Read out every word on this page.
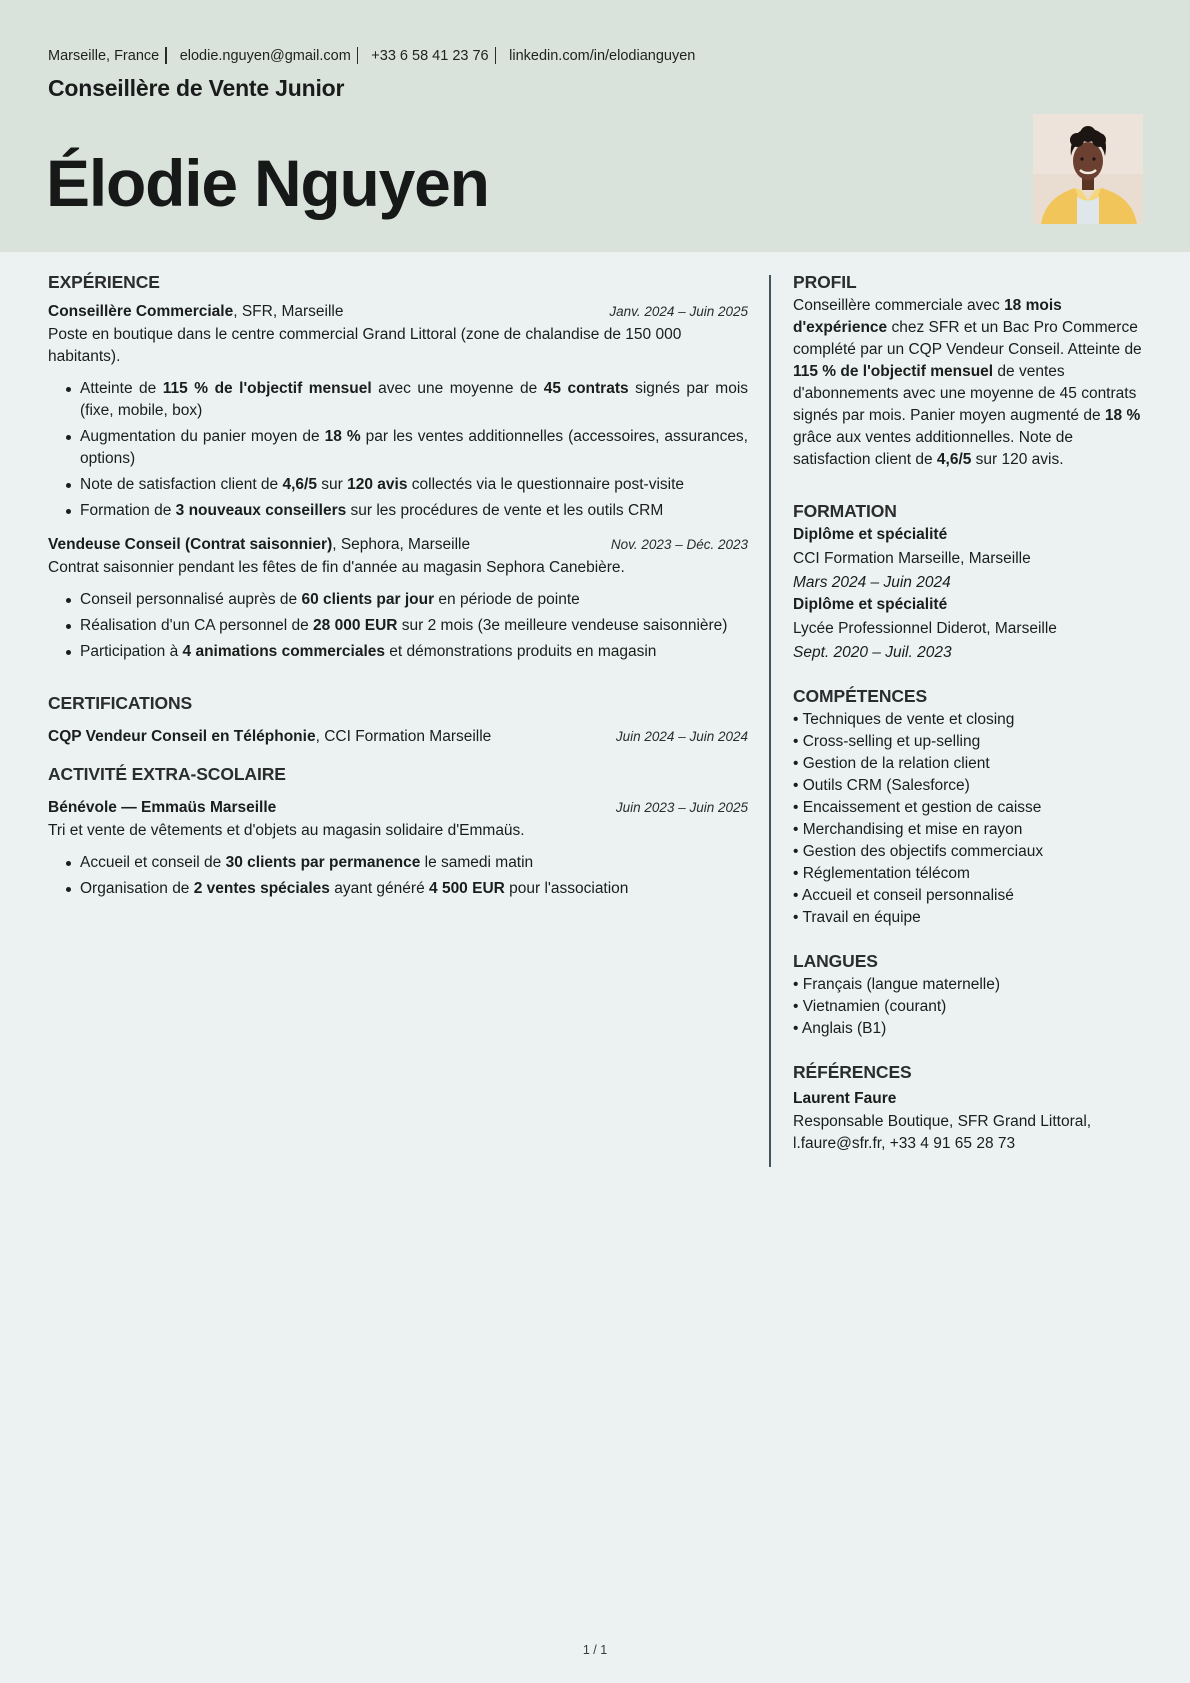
Marseille, France elodie.nguyen@gmail.com +33 6 58 41 23 76 linkedin.com/in/elodianguyen
Conseillère de Vente Junior
Élodie Nguyen
EXPÉRIENCE
Conseillère Commerciale, SFR, Marseille	Janv. 2024 – Juin 2025
Poste en boutique dans le centre commercial Grand Littoral (zone de chalandise de 150 000 habitants).
Atteinte de 115 % de l'objectif mensuel avec une moyenne de 45 contrats signés par mois (fixe, mobile, box)
Augmentation du panier moyen de 18 % par les ventes additionnelles (accessoires, assurances, options)
Note de satisfaction client de 4,6/5 sur 120 avis collectés via le questionnaire post-visite
Formation de 3 nouveaux conseillers sur les procédures de vente et les outils CRM
Vendeuse Conseil (Contrat saisonnier), Sephora, Marseille	Nov. 2023 – Déc. 2023
Contrat saisonnier pendant les fêtes de fin d'année au magasin Sephora Canebière.
Conseil personnalisé auprès de 60 clients par jour en période de pointe
Réalisation d'un CA personnel de 28 000 EUR sur 2 mois (3e meilleure vendeuse saisonnière)
Participation à 4 animations commerciales et démonstrations produits en magasin
CERTIFICATIONS
CQP Vendeur Conseil en Téléphonie, CCI Formation Marseille	Juin 2024 – Juin 2024
ACTIVITÉ EXTRA-SCOLAIRE
Bénévole — Emmaüs Marseille	Juin 2023 – Juin 2025
Tri et vente de vêtements et d'objets au magasin solidaire d'Emmaüs.
Accueil et conseil de 30 clients par permanence le samedi matin
Organisation de 2 ventes spéciales ayant généré 4 500 EUR pour l'association
PROFIL

Conseillère commerciale avec 18 mois d'expérience chez SFR et un Bac Pro Commerce complété par un CQP Vendeur Conseil. Atteinte de 115 % de l'objectif mensuel de ventes d'abonnements avec une moyenne de 45 contrats signés par mois. Panier moyen augmenté de 18 % grâce aux ventes additionnelles. Note de satisfaction client de 4,6/5 sur 120 avis.

FORMATION
Diplôme et spécialité
CCI Formation Marseille, Marseille
Mars 2024 – Juin 2024
Diplôme et spécialité
Lycée Professionnel Diderot, Marseille
Sept. 2020 – Juil. 2023
COMPÉTENCES
• Techniques de vente et closing
• Cross-selling et up-selling
• Gestion de la relation client
• Outils CRM (Salesforce)
• Encaissement et gestion de caisse
• Merchandising et mise en rayon
• Gestion des objectifs commerciaux
• Réglementation télécom
• Accueil et conseil personnalisé
• Travail en équipe
LANGUES
• Français (langue maternelle)
• Vietnamien (courant)
• Anglais (B1)
RÉFÉRENCES
Laurent Faure

Responsable Boutique, SFR Grand Littoral, l.faure@sfr.fr, +33 4 91 65 28 73

1 / 1
